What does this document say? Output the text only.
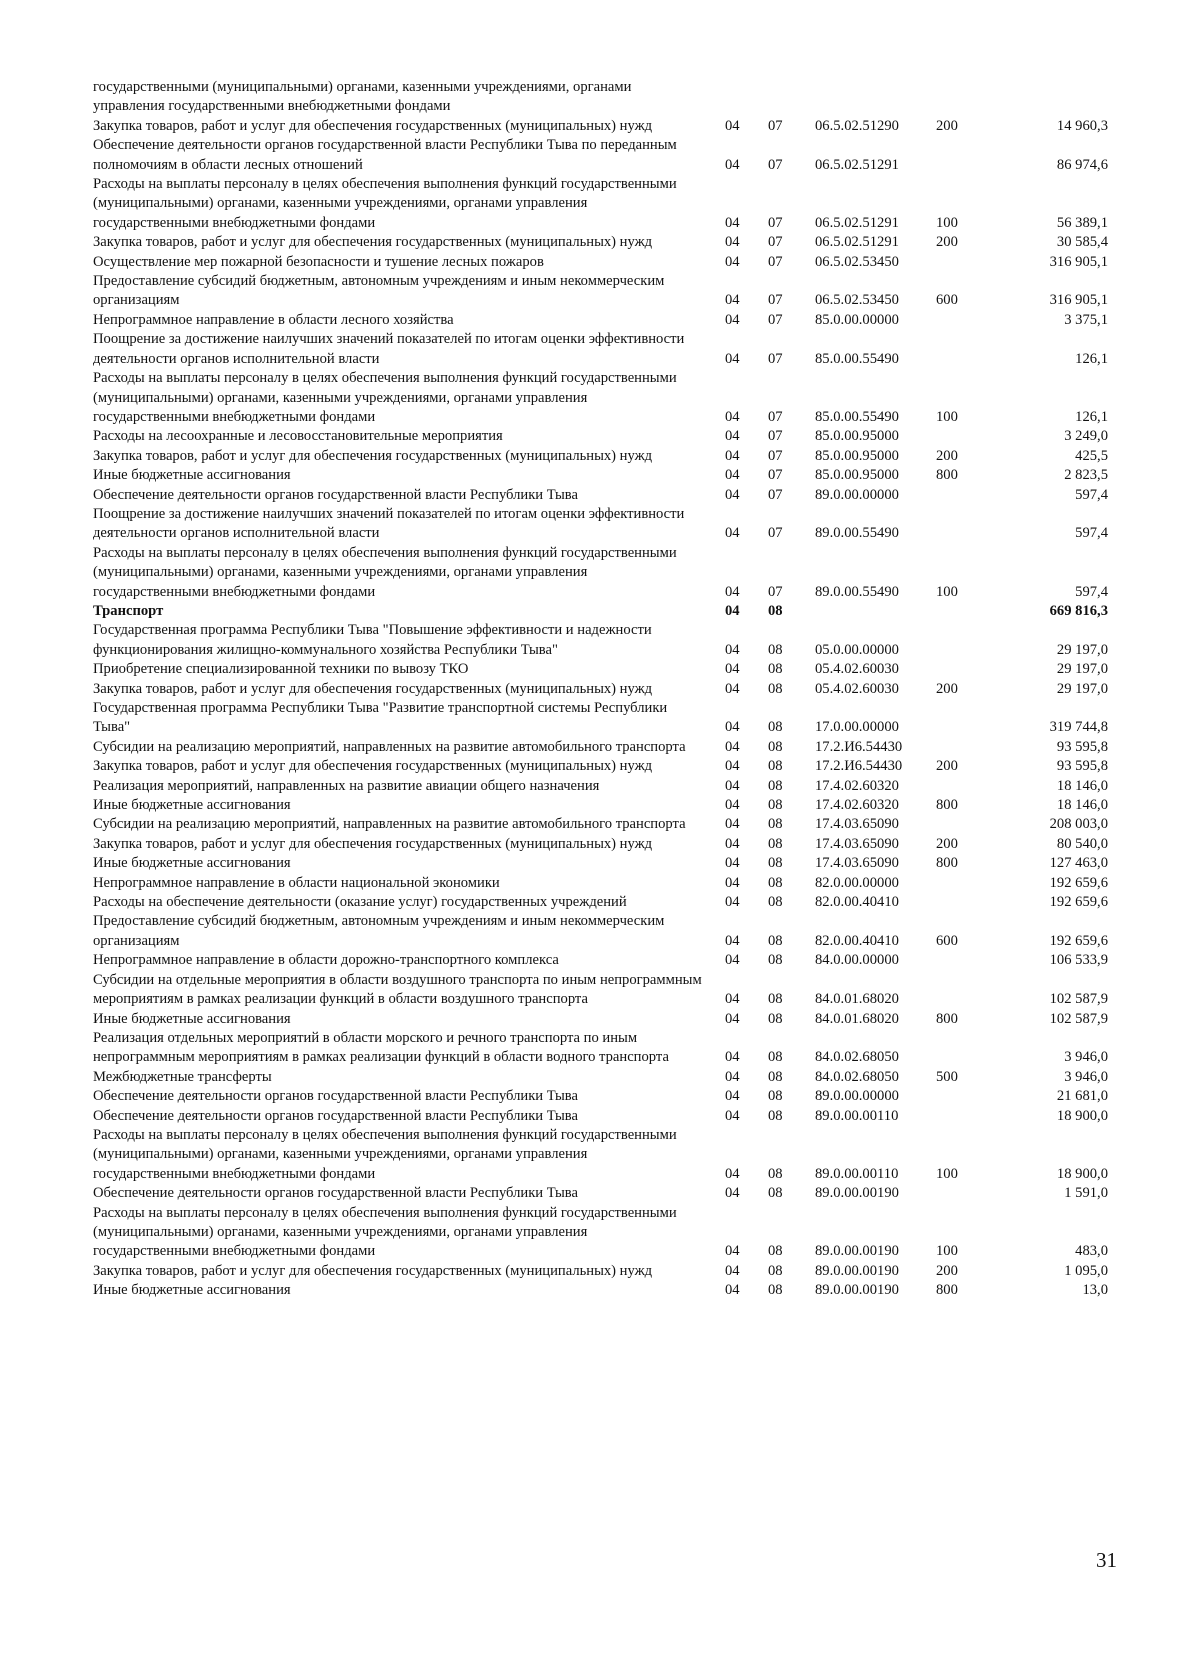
государственными (муниципальными) органами, казенными учреждениями, органами управления государственными внебюджетными фондами
Закупка товаров, работ и услуг для обеспечения государственных (муниципальных) нужд	04 07 06.5.02.51290	200	14 960,3
Обеспечение деятельности органов государственной власти Республики Тыва по переданным полномочиям в области лесных отношений	04 07 06.5.02.51291	86 974,6
Расходы на выплаты персоналу в целях обеспечения выполнения функций государственными (муниципальными) органами, казенными учреждениями, органами управления государственными внебюджетными фондами	04 07 06.5.02.51291	100	56 389,1
Закупка товаров, работ и услуг для обеспечения государственных (муниципальных) нужд	04 07 06.5.02.51291	200	30 585,4
Осуществление мер пожарной безопасности и тушение лесных пожаров	04 07 06.5.02.53450	316 905,1
Предоставление субсидий бюджетным, автономным учреждениям и иным некоммерческим организациям	04 07 06.5.02.53450	600	316 905,1
Непрограммное направление в области лесного хозяйства	04 07 85.0.00.00000	3 375,1
Поощрение за достижение наилучших значений показателей по итогам оценки эффективности деятельности органов исполнительной власти	04 07 85.0.00.55490	126,1
Расходы на выплаты персоналу в целях обеспечения выполнения функций государственными (муниципальными) органами, казенными учреждениями, органами управления государственными внебюджетными фондами	04 07 85.0.00.55490	100	126,1
Расходы на лесоохранные и лесовосстановительные мероприятия	04 07 85.0.00.95000	3 249,0
Закупка товаров, работ и услуг для обеспечения государственных (муниципальных) нужд	04 07 85.0.00.95000	200	425,5
Иные бюджетные ассигнования	04 07 85.0.00.95000	800	2 823,5
Обеспечение деятельности органов государственной власти Республики Тыва	04 07 89.0.00.00000	597,4
Поощрение за достижение наилучших значений показателей по итогам оценки эффективности деятельности органов исполнительной власти	04 07 89.0.00.55490	597,4
Расходы на выплаты персоналу в целях обеспечения выполнения функций государственными (муниципальными) органами, казенными учреждениями, органами управления государственными внебюджетными фондами	04 07 89.0.00.55490	100	597,4
Транспорт	04 08	669 816,3
Государственная программа Республики Тыва "Повышение эффективности и надежности функционирования жилищно-коммунального хозяйства Республики Тыва"	04 08 05.0.00.00000	29 197,0
Приобретение специализированной техники по вывозу ТКО	04 08 05.4.02.60030	29 197,0
Закупка товаров, работ и услуг для обеспечения государственных (муниципальных) нужд	04 08 05.4.02.60030	200	29 197,0
Государственная программа Республики Тыва "Развитие транспортной системы Республики Тыва"	04 08 17.0.00.00000	319 744,8
Субсидии на реализацию мероприятий, направленных на развитие автомобильного транспорта	04 08 17.2.И6.54430	93 595,8
Закупка товаров, работ и услуг для обеспечения государственных (муниципальных) нужд	04 08 17.2.И6.54430 200	93 595,8
Реализация мероприятий, направленных на развитие авиации общего назначения	04 08 17.4.02.60320	18 146,0
Иные бюджетные ассигнования	04 08 17.4.02.60320	800	18 146,0
Субсидии на реализацию мероприятий, направленных на развитие автомобильного транспорта	04 08 17.4.03.65090	208 003,0
Закупка товаров, работ и услуг для обеспечения государственных (муниципальных) нужд	04 08 17.4.03.65090	200	80 540,0
Иные бюджетные ассигнования	04 08 17.4.03.65090	800	127 463,0
Непрограммное направление в области национальной экономики	04 08 82.0.00.00000	192 659,6
Расходы на обеспечение деятельности (оказание услуг) государственных учреждений	04 08 82.0.00.40410	192 659,6
Предоставление субсидий бюджетным, автономным учреждениям и иным некоммерческим организациям	04 08 82.0.00.40410	600	192 659,6
Непрограммное направление в области дорожно-транспортного комплекса	04 08 84.0.00.00000	106 533,9
Субсидии на отдельные мероприятия в области воздушного транспорта по иным непрограммным мероприятиям в рамках реализации функций в области воздушного транспорта	04 08 84.0.01.68020	102 587,9
Иные бюджетные ассигнования	04 08 84.0.01.68020	800	102 587,9
Реализация отдельных мероприятий в области морского и речного транспорта по иным непрограммным мероприятиям в рамках реализации функций в области водного транспорта	04 08 84.0.02.68050	3 946,0
Межбюджетные трансферты	04 08 84.0.02.68050	500	3 946,0
Обеспечение деятельности органов государственной власти Республики Тыва	04 08 89.0.00.00000	21 681,0
Обеспечение деятельности органов государственной власти Республики Тыва	04 08 89.0.00.00110	18 900,0
Расходы на выплаты персоналу в целях обеспечения выполнения функций государственными (муниципальными) органами, казенными учреждениями, органами управления государственными внебюджетными фондами	04 08 89.0.00.00110	100	18 900,0
Обеспечение деятельности органов государственной власти Республики Тыва	04 08 89.0.00.00190	1 591,0
Расходы на выплаты персоналу в целях обеспечения выполнения функций государственными (муниципальными) органами, казенными учреждениями, органами управления государственными внебюджетными фондами	04 08 89.0.00.00190	100	483,0
Закупка товаров, работ и услуг для обеспечения государственных (муниципальных) нужд	04 08 89.0.00.00190	200	1 095,0
Иные бюджетные ассигнования	04 08 89.0.00.00190	800	13,0
31
